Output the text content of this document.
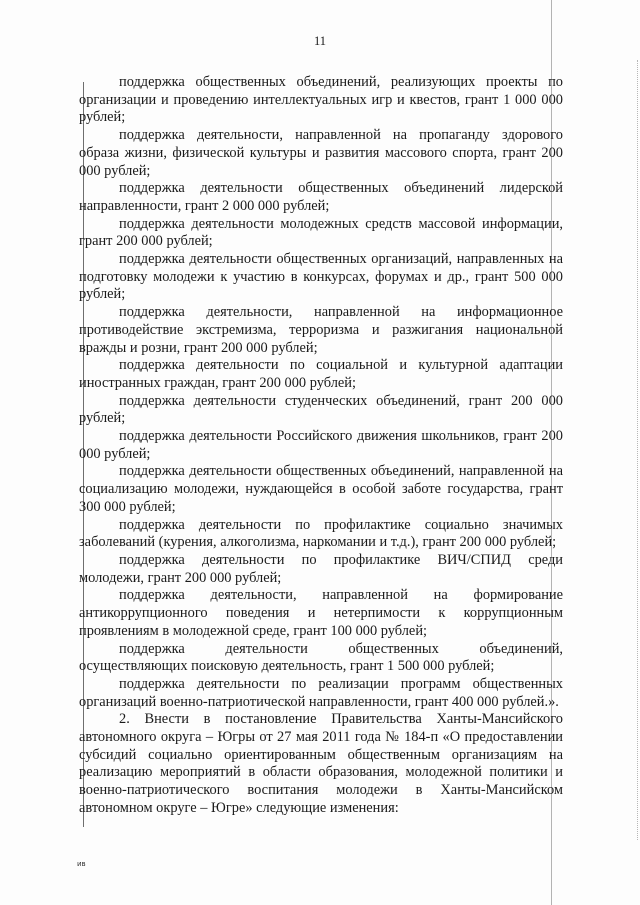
11

поддержка общественных объединений, реализующих проекты по организации и проведению интеллектуальных игр и квестов, грант 1 000 000 рублей;

поддержка деятельности, направленной на пропаганду здорового образа жизни, физической культуры и развития массового спорта, грант 200 000 рублей;

поддержка деятельности общественных объединений лидерской направленности, грант 2 000 000 рублей;

поддержка деятельности молодежных средств массовой информации, грант 200 000 рублей;

поддержка деятельности общественных организаций, направленных на подготовку молодежи к участию в конкурсах, форумах и др., грант 500 000 рублей;

поддержка деятельности, направленной на информационное противодействие экстремизма, терроризма и разжигания национальной вражды и розни, грант 200 000 рублей;

поддержка деятельности по социальной и культурной адаптации иностранных граждан, грант 200 000 рублей;

поддержка деятельности студенческих объединений, грант 200 000 рублей;

поддержка деятельности Российского движения школьников, грант 200 000 рублей;

поддержка деятельности общественных объединений, направленной на социализацию молодежи, нуждающейся в особой заботе государства, грант 300 000 рублей;

поддержка деятельности по профилактике социально значимых заболеваний (курения, алкоголизма, наркомании и т.д.), грант 200 000 рублей;

поддержка деятельности по профилактике ВИЧ/СПИД среди молодежи, грант 200 000 рублей;

поддержка деятельности, направленной на формирование антикоррупционного поведения и нетерпимости к коррупционным проявлениям в молодежной среде, грант 100 000 рублей;

поддержка деятельности общественных объединений, осуществляющих поисковую деятельность, грант 1 500 000 рублей;

поддержка деятельности по реализации программ общественных организаций военно-патриотической направленности, грант 400 000 рублей.».

2. Внести в постановление Правительства Ханты-Мансийского автономного округа – Югры от 27 мая 2011 года № 184-п «О предоставлении субсидий социально ориентированным общественным организациям на реализацию мероприятий в области образования, молодежной политики и военно-патриотического воспитания молодежи в Ханты-Мансийском автономном округе – Югре» следующие изменения:

ив
